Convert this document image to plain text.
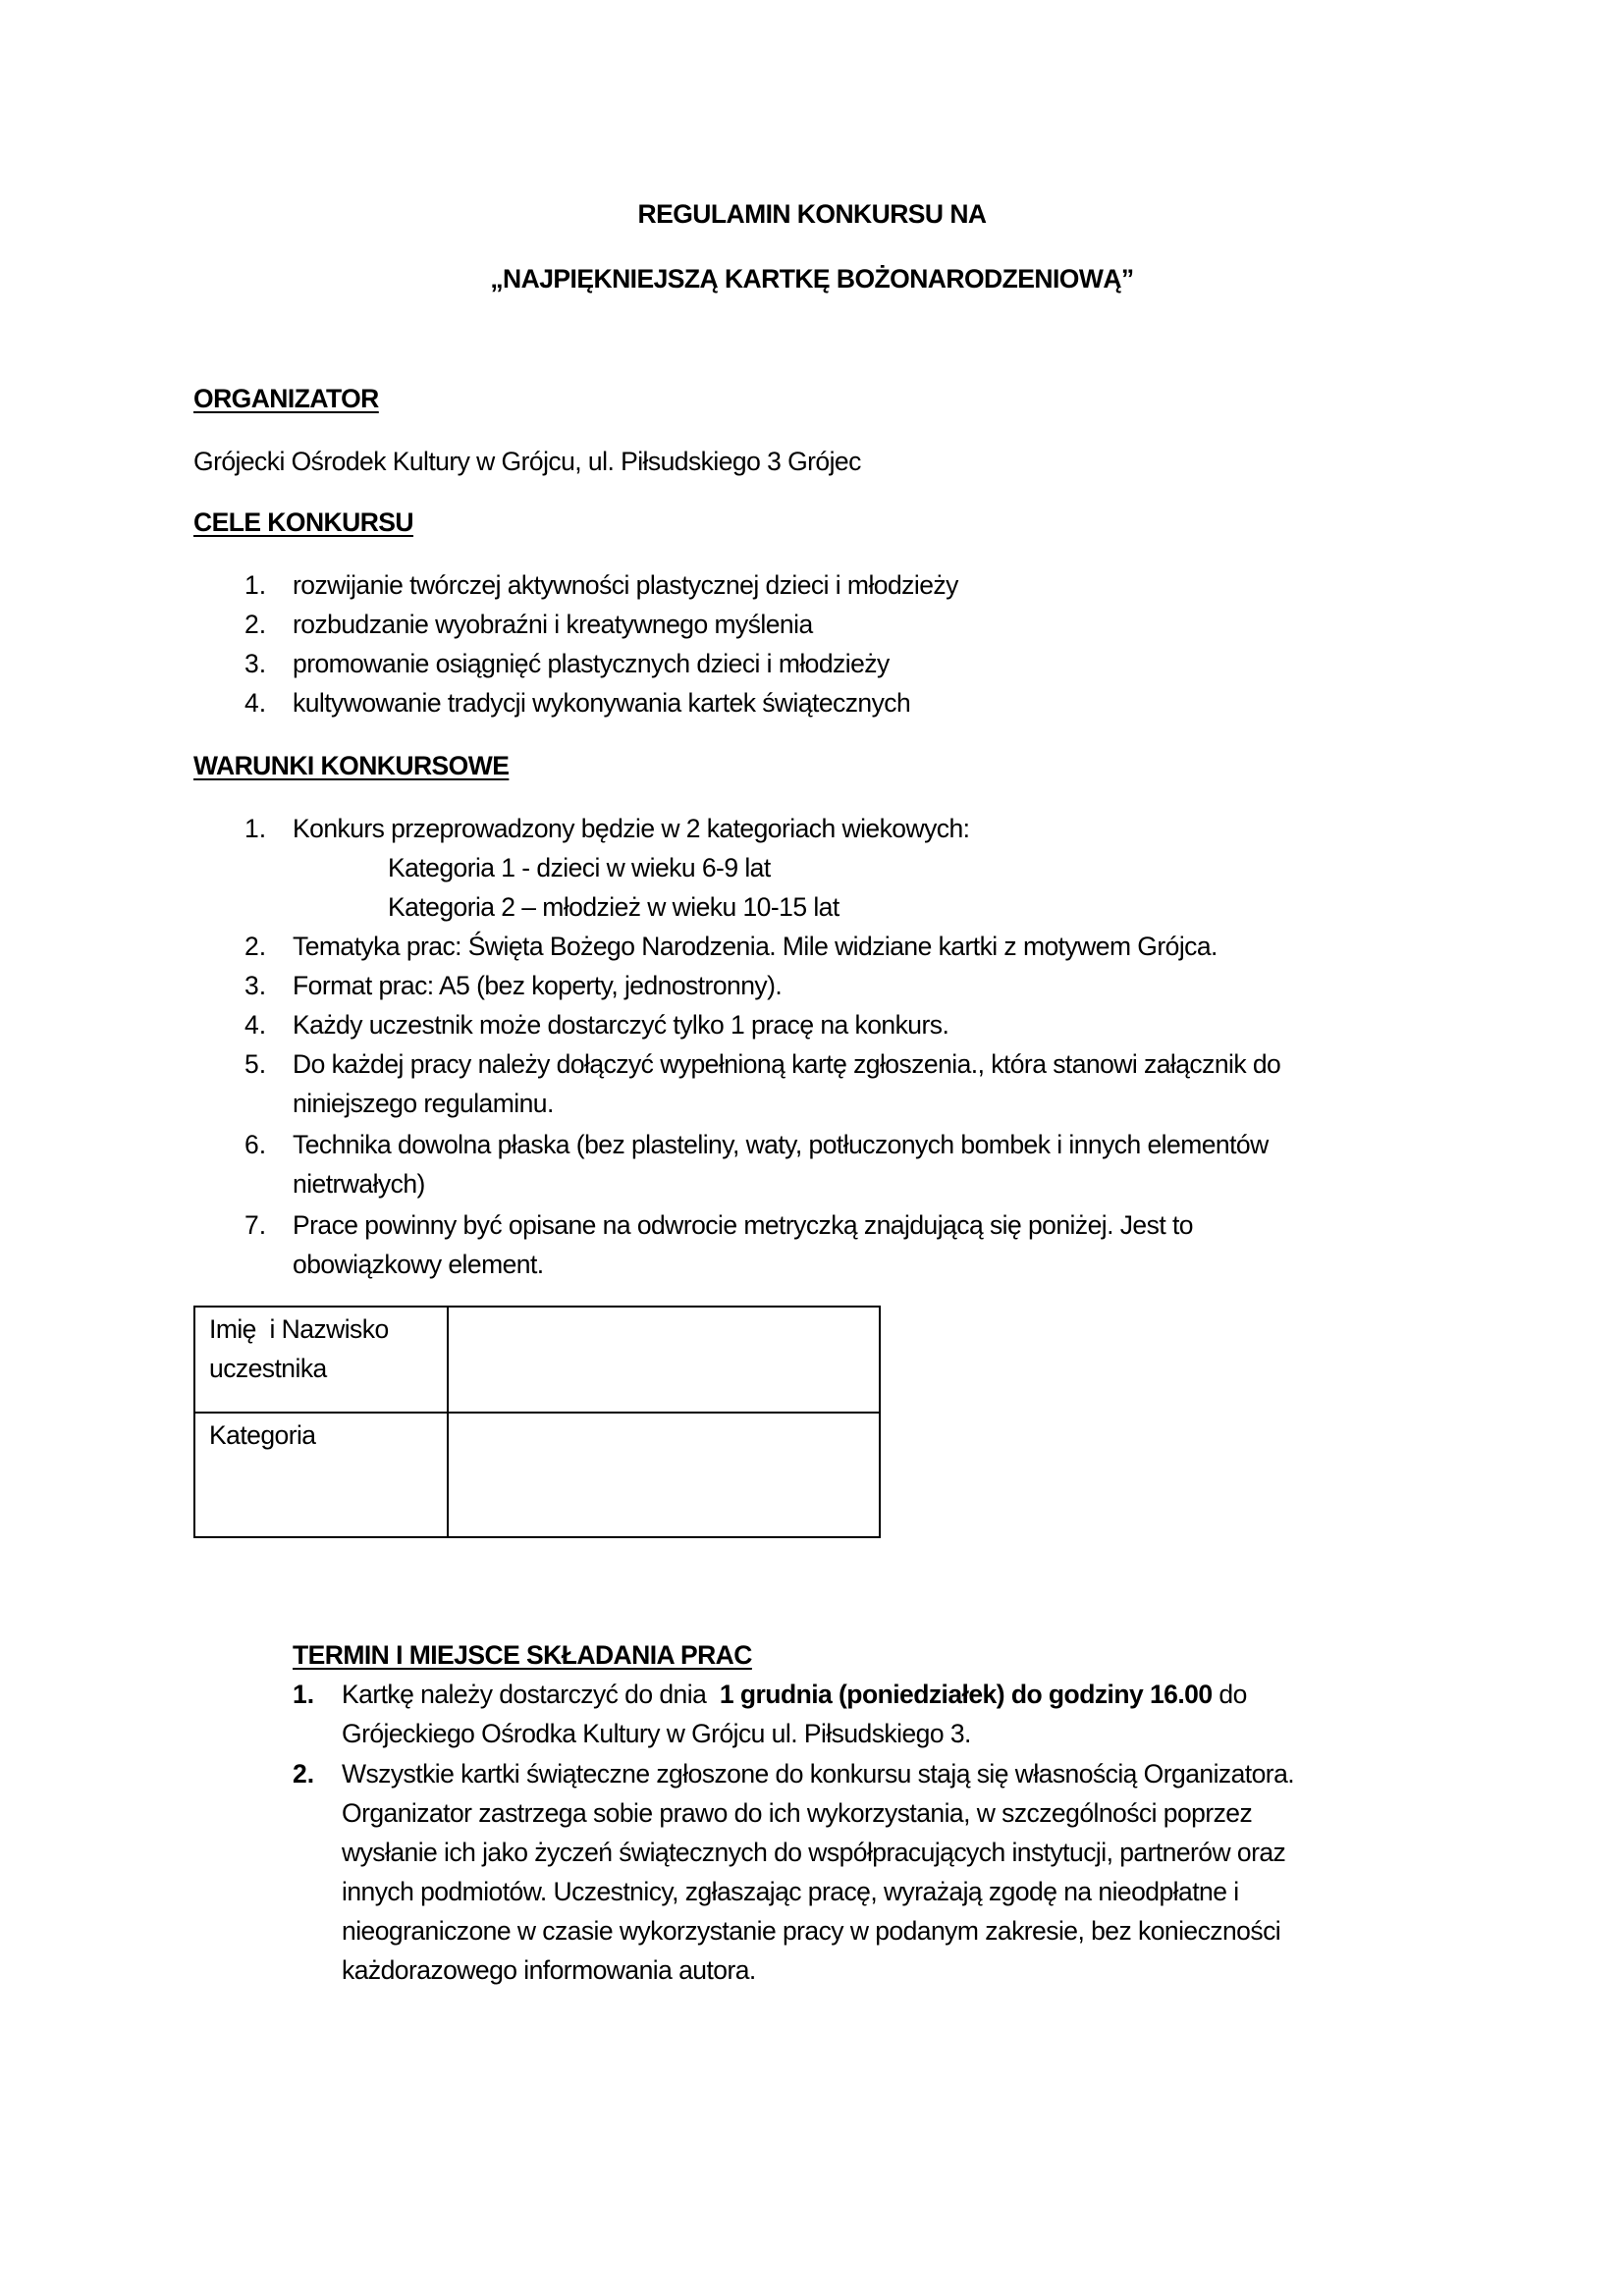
REGULAMIN KONKURSU NA
„NAJPIĘKNIEJSZĄ KARTKĘ BOŻONARODZENIOWĄ”
ORGANIZATOR
Grójecki Ośrodek Kultury w Grójcu, ul. Piłsudskiego 3 Grójec
CELE KONKURSU
1. rozwijanie twórczej aktywności plastycznej dzieci i młodzieży
2. rozbudzanie wyobraźni i kreatywnego myślenia
3. promowanie osiągnięć plastycznych dzieci i młodzieży
4. kultywowanie tradycji wykonywania kartek świątecznych
WARUNKI KONKURSOWE
1. Konkurs przeprowadzony będzie w 2 kategoriach wiekowych:
Kategoria 1 - dzieci w wieku 6-9 lat
Kategoria 2 – młodzież w wieku 10-15 lat
2. Tematyka prac: Święta Bożego Narodzenia. Mile widziane kartki z motywem Grójca.
3. Format prac: A5 (bez koperty, jednostronny).
4. Każdy uczestnik może dostarczyć tylko 1 pracę na konkurs.
5. Do każdej pracy należy dołączyć wypełnioną kartę zgłoszenia., która stanowi załącznik do
niniejszego regulaminu.
6. Technika dowolna płaska (bez plasteliny, waty, potłuczonych bombek i innych elementów
nietrwałych)
7. Prace powinny być opisane na odwrocie metryczką znajdującą się poniżej. Jest to
obowiązkowy element.
Imię  i Nazwisko
uczestnika	

Kategoria	

TERMIN I MIEJSCE SKŁADANIA PRAC
1. Kartkę należy dostarczyć do dnia  1 grudnia (poniedziałek) do godziny 16.00 do
Grójeckiego Ośrodka Kultury w Grójcu ul. Piłsudskiego 3.
2. Wszystkie kartki świąteczne zgłoszone do konkursu stają się własnością Organizatora.
Organizator zastrzega sobie prawo do ich wykorzystania, w szczególności poprzez
wysłanie ich jako życzeń świątecznych do współpracujących instytucji, partnerów oraz
innych podmiotów. Uczestnicy, zgłaszając pracę, wyrażają zgodę na nieodpłatne i
nieograniczone w czasie wykorzystanie pracy w podanym zakresie, bez konieczności
każdorazowego informowania autora.
